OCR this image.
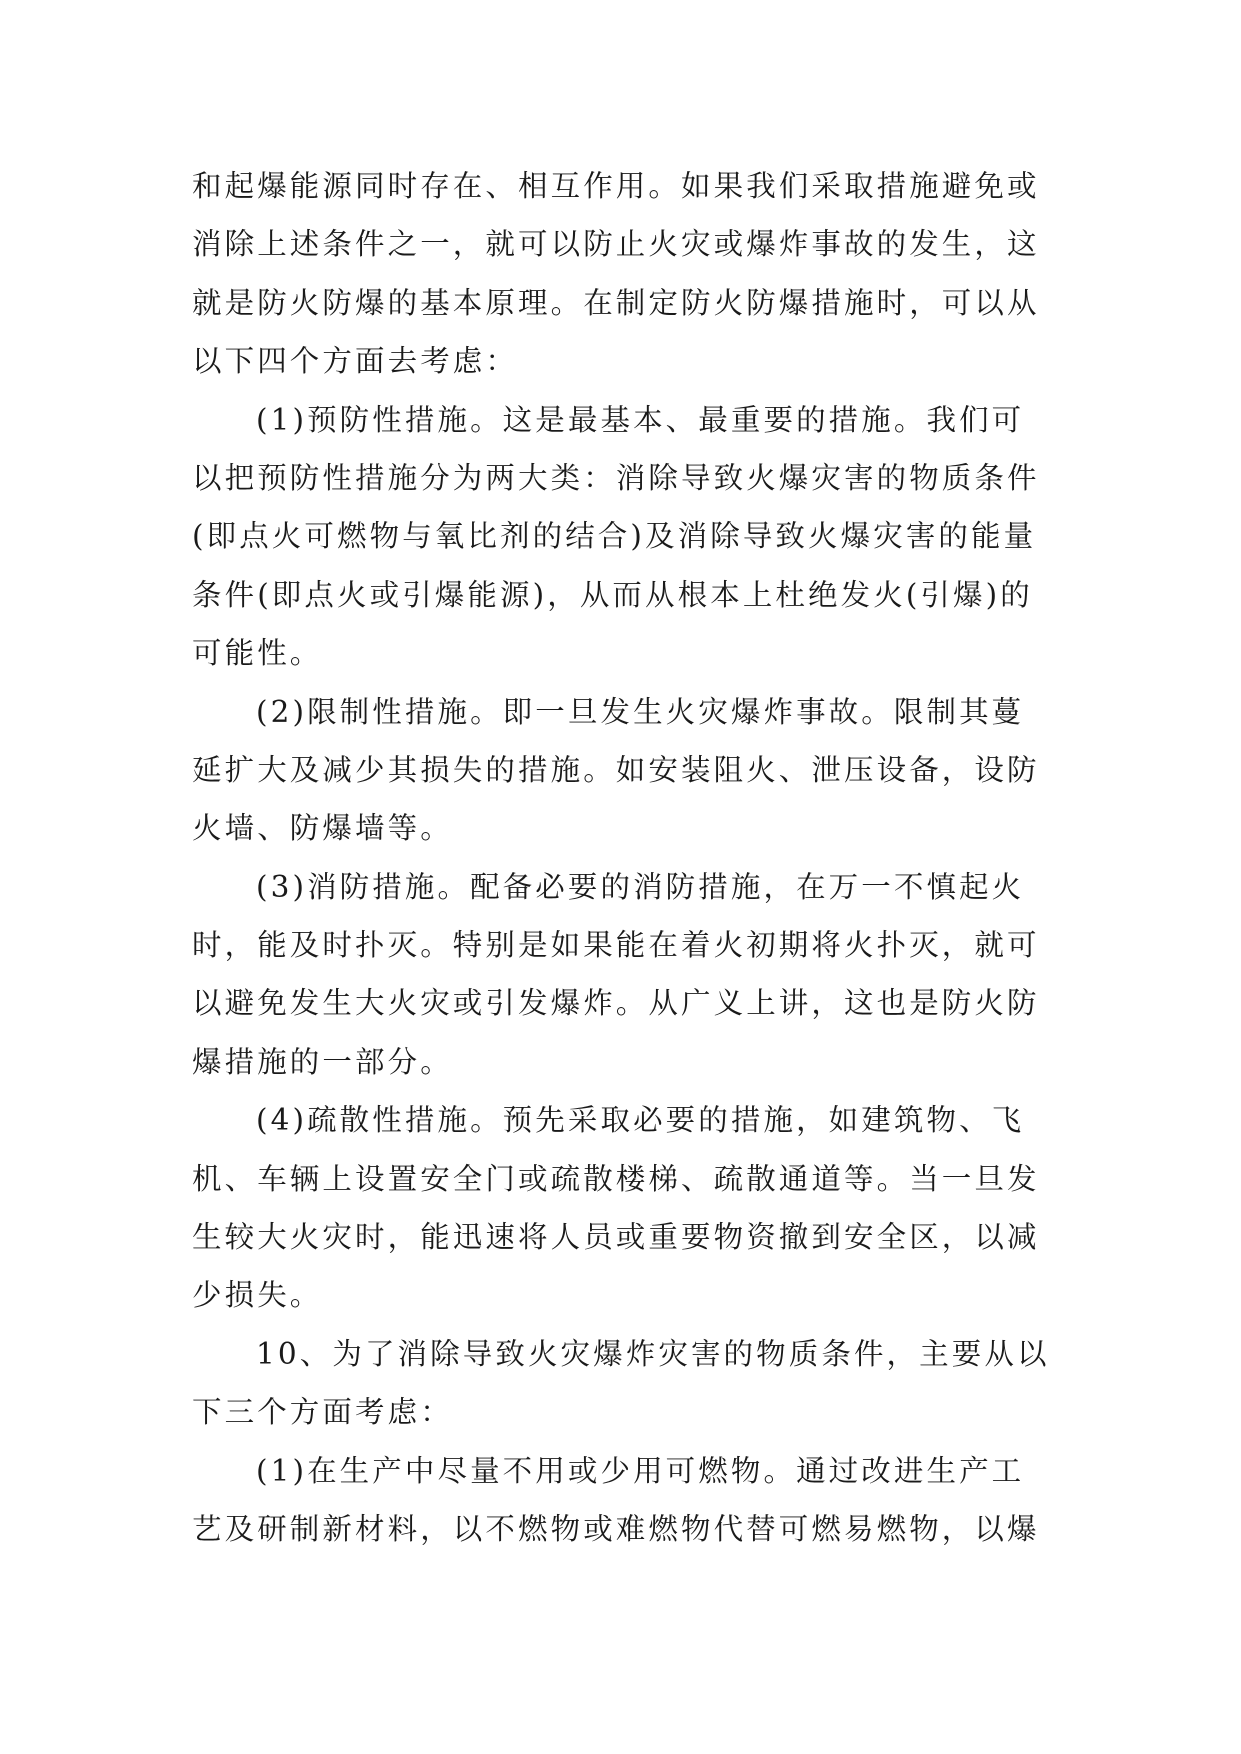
和起爆能源同时存在、相互作用。如果我们采取措施避免或
消除上述条件之一，就可以防止火灾或爆炸事故的发生，这
就是防火防爆的基本原理。在制定防火防爆措施时，可以从
以下四个方面去考虑：
(1)预防性措施。这是最基本、最重要的措施。我们可
以把预防性措施分为两大类：消除导致火爆灾害的物质条件
(即点火可燃物与氧比剂的结合)及消除导致火爆灾害的能量
条件(即点火或引爆能源)，从而从根本上杜绝发火(引爆)的
可能性。
(2)限制性措施。即一旦发生火灾爆炸事故。限制其蔓
延扩大及减少其损失的措施。如安装阻火、泄压设备，设防
火墙、防爆墙等。
(3)消防措施。配备必要的消防措施，在万一不慎起火
时，能及时扑灭。特别是如果能在着火初期将火扑灭，就可
以避免发生大火灾或引发爆炸。从广义上讲，这也是防火防
爆措施的一部分。
(4)疏散性措施。预先采取必要的措施，如建筑物、飞
机、车辆上设置安全门或疏散楼梯、疏散通道等。当一旦发
生较大火灾时，能迅速将人员或重要物资撤到安全区，以减
少损失。
10、为了消除导致火灾爆炸灾害的物质条件，主要从以
下三个方面考虑：
(1)在生产中尽量不用或少用可燃物。通过改进生产工
艺及研制新材料，以不燃物或难燃物代替可燃易燃物，以爆
